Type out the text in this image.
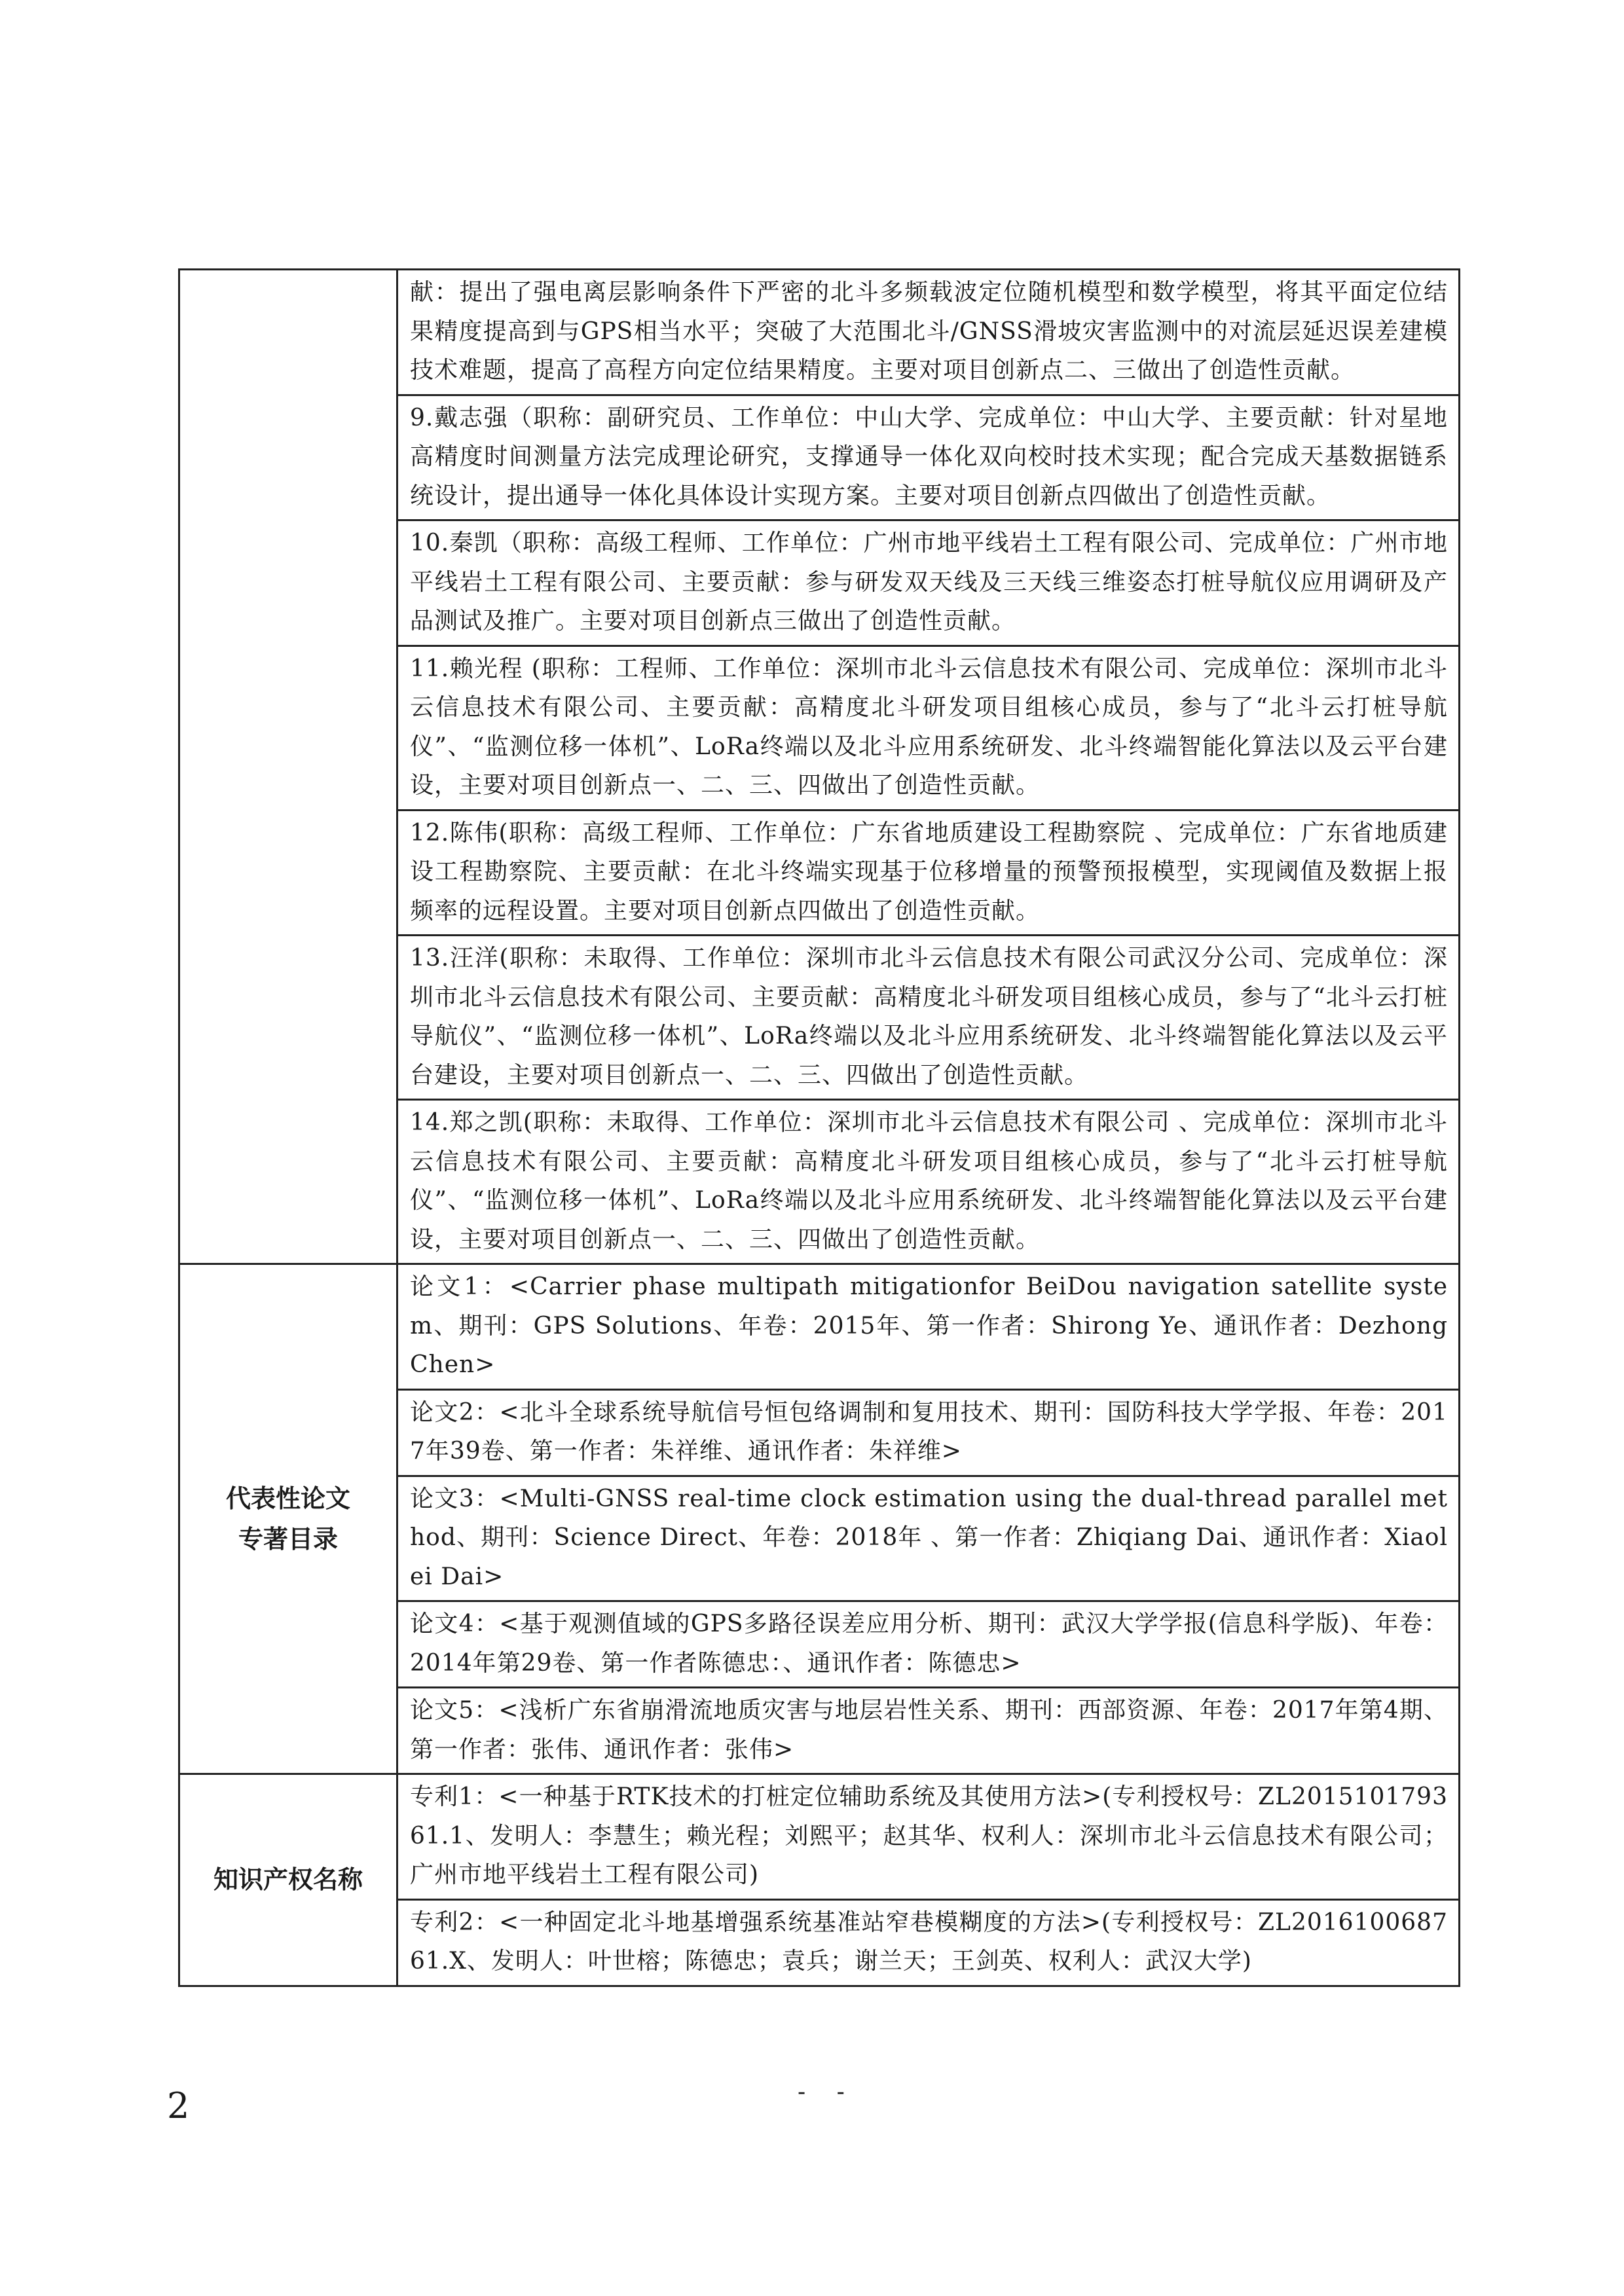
	献：提出了强电离层影响条件下严密的北斗多频载波定位随机模型和数学模型，将其平面定位结果精度提高到与GPS相当水平；突破了大范围北斗/GNSS滑坡灾害监测中的对流层延迟误差建模技术难题，提高了高程方向定位结果精度。主要对项目创新点二、三做出了创造性贡献。
	9.戴志强（职称：副研究员、工作单位：中山大学、完成单位：中山大学、主要贡献：针对星地高精度时间测量方法完成理论研究，支撑通导一体化双向校时技术实现；配合完成天基数据链系统设计，提出通导一体化具体设计实现方案。主要对项目创新点四做出了创造性贡献。
	10.秦凯（职称：高级工程师、工作单位：广州市地平线岩土工程有限公司、完成单位：广州市地平线岩土工程有限公司、主要贡献：参与研发双天线及三天线三维姿态打桩导航仪应用调研及产品测试及推广。主要对项目创新点三做出了创造性贡献。
	11.赖光程 (职称：工程师、工作单位：深圳市北斗云信息技术有限公司、完成单位：深圳市北斗云信息技术有限公司、主要贡献：高精度北斗研发项目组核心成员，参与了“北斗云打桩导航仪”、“监测位移一体机”、LoRa终端以及北斗应用系统研发、北斗终端智能化算法以及云平台建设，主要对项目创新点一、二、三、四做出了创造性贡献。
	12.陈伟(职称：高级工程师、工作单位：广东省地质建设工程勘察院 、完成单位：广东省地质建设工程勘察院、主要贡献：在北斗终端实现基于位移增量的预警预报模型，实现阈值及数据上报频率的远程设置。主要对项目创新点四做出了创造性贡献。
	13.汪洋(职称：未取得、工作单位：深圳市北斗云信息技术有限公司武汉分公司、完成单位：深圳市北斗云信息技术有限公司、主要贡献：高精度北斗研发项目组核心成员，参与了“北斗云打桩导航仪”、“监测位移一体机”、LoRa终端以及北斗应用系统研发、北斗终端智能化算法以及云平台建设，主要对项目创新点一、二、三、四做出了创造性贡献。
	14.郑之凯(职称：未取得、工作单位：深圳市北斗云信息技术有限公司 、完成单位：深圳市北斗云信息技术有限公司、主要贡献：高精度北斗研发项目组核心成员，参与了“北斗云打桩导航仪”、“监测位移一体机”、LoRa终端以及北斗应用系统研发、北斗终端智能化算法以及云平台建设，主要对项目创新点一、二、三、四做出了创造性贡献。

代表性论文
专著目录	论文1：<Carrier phase multipath mitigationfor BeiDou navigation satellite system、期刊：GPS Solutions、年卷：2015年、第一作者：Shirong Ye、通讯作者：Dezhong Chen>
	论文2：<北斗全球系统导航信号恒包络调制和复用技术、期刊：国防科技大学学报、年卷：2017年39卷、第一作者：朱祥维、通讯作者：朱祥维>
	论文3：<Multi-GNSS real-time clock estimation using the dual-thread parallel method、期刊：Science Direct、年卷：2018年 、第一作者：Zhiqiang Dai、通讯作者：Xiaolei Dai>
	论文4：<基于观测值域的GPS多路径误差应用分析、期刊：武汉大学学报(信息科学版)、年卷：2014年第29卷、第一作者陈德忠：、通讯作者：陈德忠>
	论文5：<浅析广东省崩滑流地质灾害与地层岩性关系、期刊：西部资源、年卷：2017年第4期、第一作者：张伟、通讯作者：张伟>
知识产权名称	专利1：<一种基于RTK技术的打桩定位辅助系统及其使用方法>(专利授权号：ZL201510179361.1、发明人：李慧生；赖光程；刘熙平；赵其华、权利人：深圳市北斗云信息技术有限公司；广州市地平线岩土工程有限公司)
	专利2：<一种固定北斗地基增强系统基准站窄巷模糊度的方法>(专利授权号：ZL201610068761.X、发明人：叶世榕；陈德忠；袁兵；谢兰天；王剑英、权利人：武汉大学)
2	- -
